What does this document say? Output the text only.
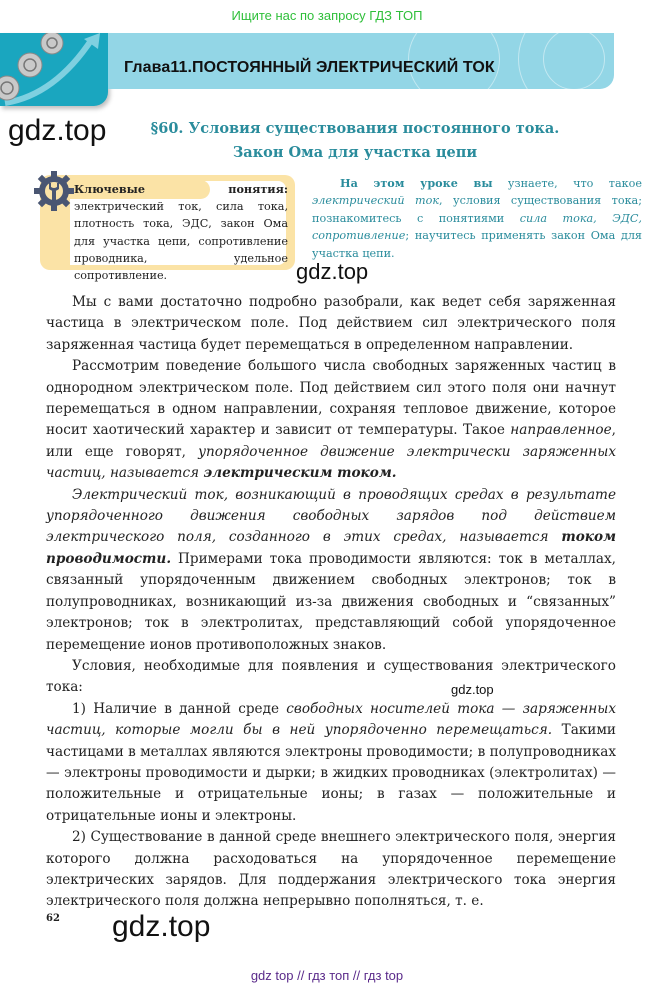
Ищите нас по запросу ГДЗ ТОП
Глава11.ПОСТОЯННЫЙ ЭЛЕКТРИЧЕСКИЙ ТОК
gdz.top	§60. Условия существования постоянного тока.
Закон Ома для участка цепи
Ключевые понятия: электрический ток, сила тока, плотность тока, ЭДС, закон Ома для участка цепи, сопротивление проводника, удельное сопротивление.
На этом уроке вы узнаете, что такое электрический ток, условия существования тока; познакомитесь с понятиями сила тока, ЭДС, сопротивление; научитесь применять закон Ома для участка цепи.
gdz.top

Мы с вами достаточно подробно разобрали, как ведет себя заряженная частица в электрическом поле. Под действием сил электрического поля заряженная частица будет перемещаться в определенном направлении.

Рассмотрим поведение большого числа свободных заряженных частиц в однородном электрическом поле. Под действием сил этого поля они начнут перемещаться в одном направлении, сохраняя тепловое движение, которое носит хаотический характер и зависит от температуры. Такое направленное, или еще говорят, упорядоченное движение электрически заряженных частиц, называется электрическим током.

Электрический ток, возникающий в проводящих средах в результате упорядоченного движения свободных зарядов под действием электрического поля, созданного в этих средах, называется током проводимости. Примерами тока проводимости являются: ток в металлах, связанный упорядоченным движением свободных электронов; ток в полупроводниках, возникающий из-за движения свободных и “связанных” электронов; ток в электролитах, представляющий собой упорядоченное перемещение ионов противоположных знаков.

Условия, необходимые для появления и существования электрического тока:

1) Наличие в данной среде свободных носителей тока — заряженных частиц, которые могли бы в ней упорядоченно перемещаться. Такими частицами в металлах являются электроны проводимости; в полупроводниках — электроны проводимости и дырки; в жидких проводниках (электролитах) — положительные и отрицательные ионы; в газах — положительные и отрицательные ионы и электроны.

2) Существование в данной среде внешнего электрического поля, энергия которого должна расходоваться на упорядоченное перемещение электрических зарядов. Для поддержания электрического тока энергия электрического поля должна непрерывно пополняться, т. е.

gdz.top
62 gdz.top
gdz top // гдз топ // гдз top
